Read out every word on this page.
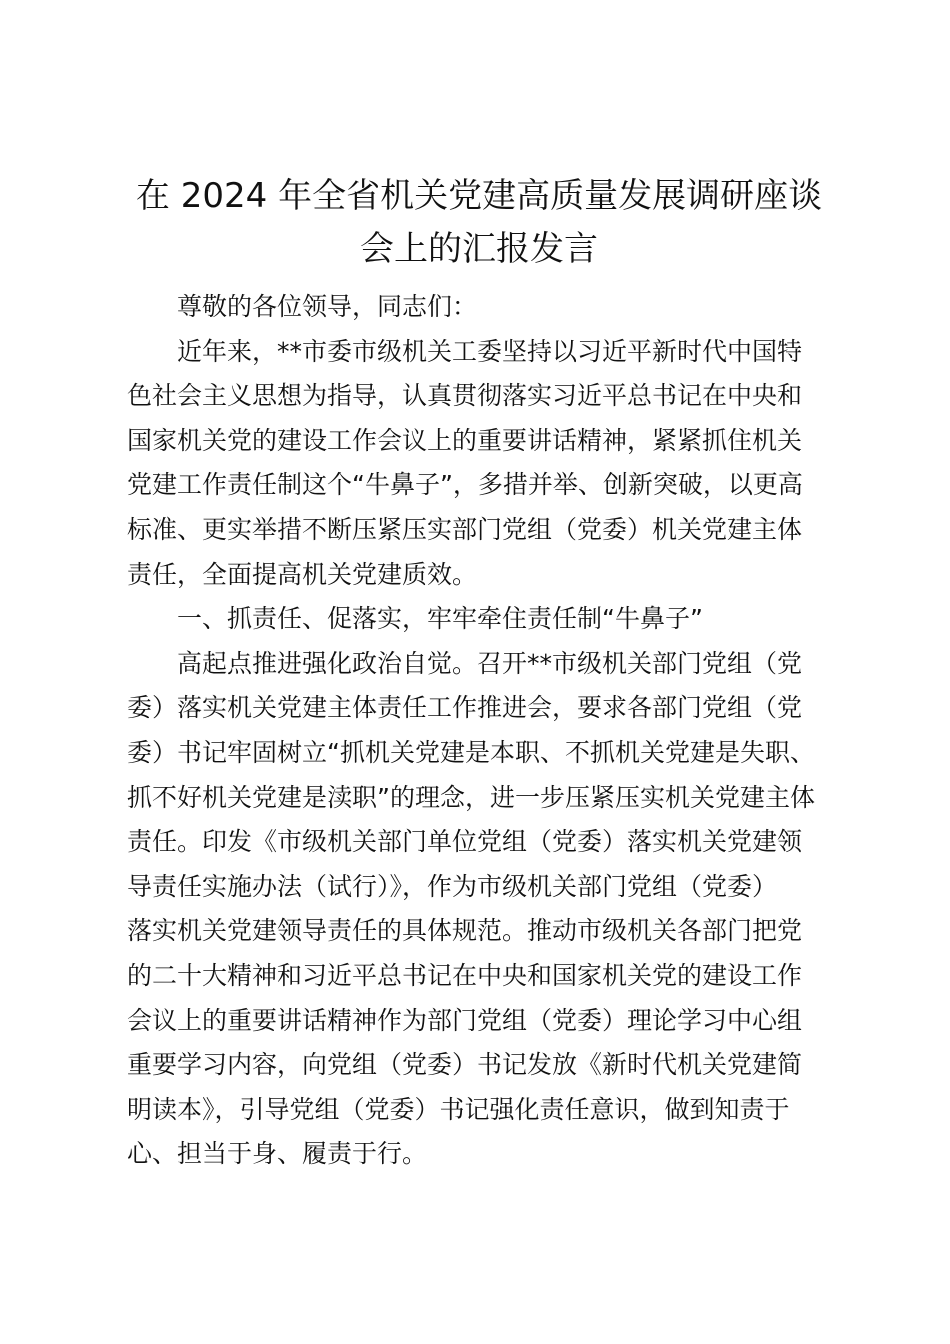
在 2024 年全省机关党建高质量发展调研座谈
会上的汇报发言
尊敬的各位领导，同志们：
近年来，**市委市级机关工委坚持以习近平新时代中国特
色社会主义思想为指导，认真贯彻落实习近平总书记在中央和
国家机关党的建设工作会议上的重要讲话精神，紧紧抓住机关
党建工作责任制这个“牛鼻子”，多措并举、创新突破，以更高
标准、更实举措不断压紧压实部门党组（党委）机关党建主体
责任，全面提高机关党建质效。
一、抓责任、促落实，牢牢牵住责任制“牛鼻子”
高起点推进强化政治自觉。召开**市级机关部门党组（党
委）落实机关党建主体责任工作推进会，要求各部门党组（党
委）书记牢固树立“抓机关党建是本职、不抓机关党建是失职、
抓不好机关党建是渎职”的理念，进一步压紧压实机关党建主体
责任。印发《市级机关部门单位党组（党委）落实机关党建领
导责任实施办法（试行）》，作为市级机关部门党组（党委）
落实机关党建领导责任的具体规范。推动市级机关各部门把党
的二十大精神和习近平总书记在中央和国家机关党的建设工作
会议上的重要讲话精神作为部门党组（党委）理论学习中心组
重要学习内容，向党组（党委）书记发放《新时代机关党建简
明读本》，引导党组（党委）书记强化责任意识，做到知责于
心、担当于身、履责于行。
